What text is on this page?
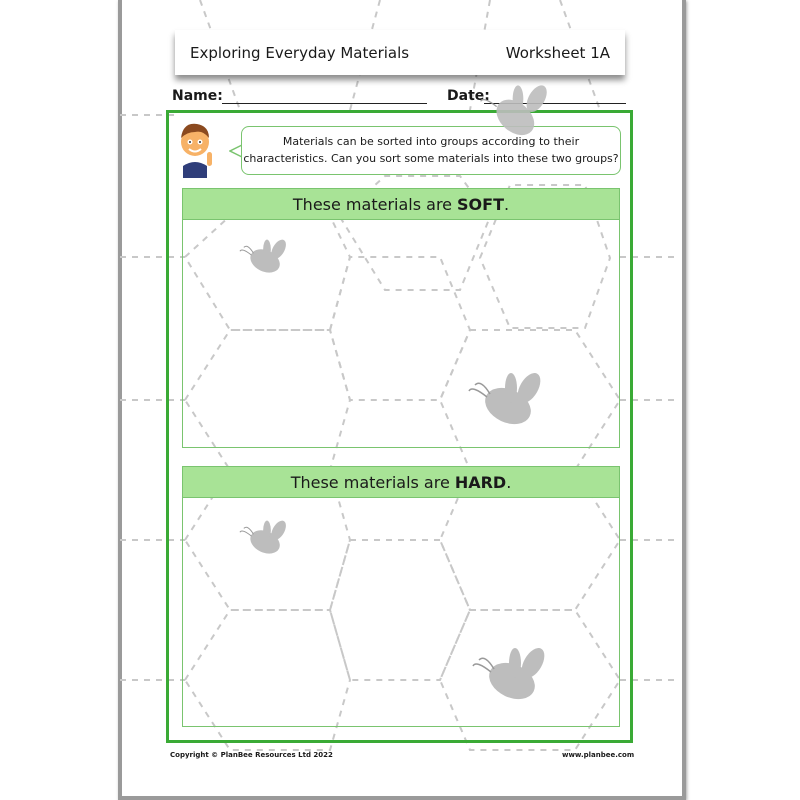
Exploring Everyday Materials	Worksheet 1A
Name:	Date:
Materials can be sorted into groups according to their
characteristics. Can you sort some materials into these two groups?
These materials are SOFT .
These materials are HARD .
Copyright © PlanBee Resources Ltd 2022	www.planbee.com
